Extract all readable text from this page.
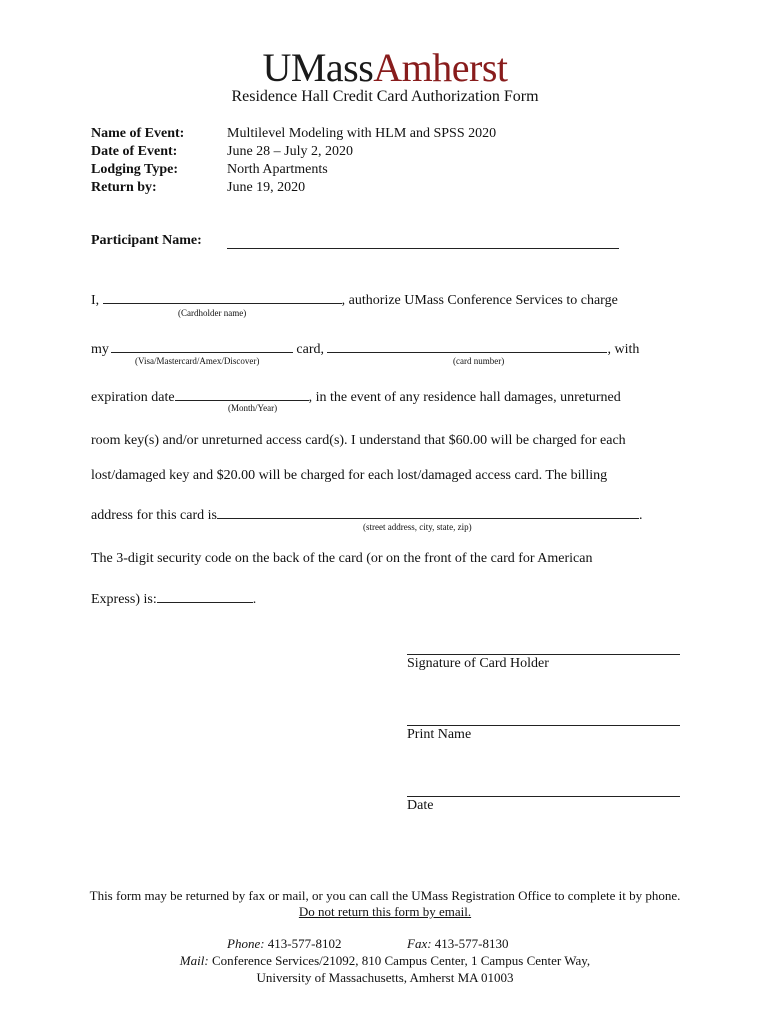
UMassAmherst
Residence Hall Credit Card Authorization Form
Name of Event:	Multilevel Modeling with HLM and SPSS 2020
Date of Event:	June 28 – July 2, 2020
Lodging Type:	North Apartments
Return by:	June 19, 2020
Participant Name:
I,	, authorize UMass Conference Services to charge
(Cardholder name)
my	card,	, with
(Visa/Mastercard/Amex/Discover)	(card number)
expiration date	, in the event of any residence hall damages, unreturned
(Month/Year)
room key(s) and/or unreturned access card(s). I understand that $60.00 will be charged for each
lost/damaged key and $20.00 will be charged for each lost/damaged access card. The billing
address for this card is	.
(street address, city, state, zip)
The 3-digit security code on the back of the card (or on the front of the card for American
Express) is:	.
Signature of Card Holder
Print Name
Date
This form may be returned by fax or mail, or you can call the UMass Registration Office to complete it by phone.
Do not return this form by email.
Phone: 413-577-8102	Fax: 413-577-8130
Mail: Conference Services/21092, 810 Campus Center, 1 Campus Center Way,
University of Massachusetts, Amherst MA 01003
